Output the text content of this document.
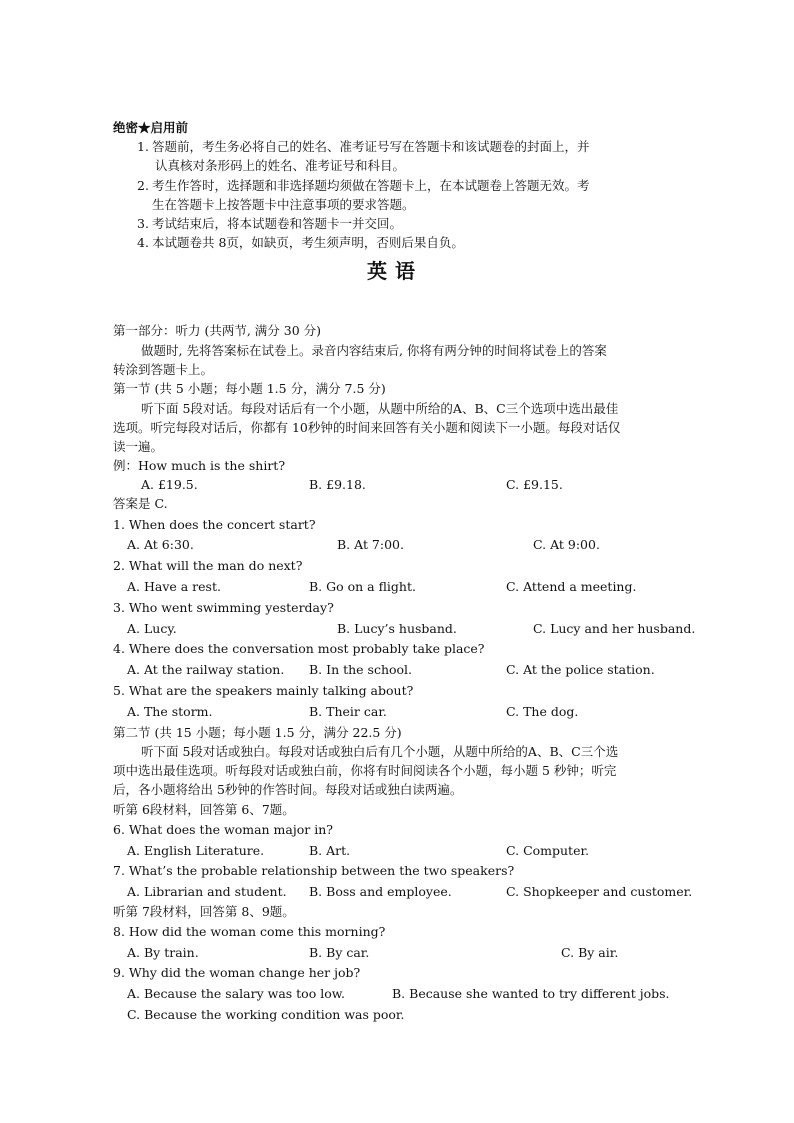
绝密★启用前
1. 答题前，考生务必将自己的姓名、准考证号写在答题卡和该试题卷的封面上，并
认真核对条形码上的姓名、准考证号和科目。
2. 考生作答时，选择题和非选择题均须做在答题卡上，在本试题卷上答题无效。考
生在答题卡上按答题卡中注意事项的要求答题。
3. 考试结束后，将本试题卷和答题卡一并交回。
4. 本试题卷共 8页，如缺页，考生须声明，否则后果自负。
英语
第一部分：听力 (共两节, 满分 30 分)
做题时, 先将答案标在试卷上。录音内容结束后, 你将有两分钟的时间将试卷上的答案
转涂到答题卡上。
第一节 (共 5 小题；每小题 1.5 分，满分 7.5 分)
听下面 5段对话。每段对话后有一个小题，从题中所给的A、B、C三个选项中选出最佳
选项。听完每段对话后，你都有 10秒钟的时间来回答有关小题和阅读下一小题。每段对话仅
读一遍。
例：How much is the shirt?
A. £19.5.	B. £9.18.	C. £9.15.
答案是 C.
1. When does the concert start?
A. At 6:30.	B. At 7:00.	C. At 9:00.
2. What will the man do next?
A. Have a rest.	B. Go on a flight.	C. Attend a meeting.
3. Who went swimming yesterday?
A. Lucy.	B. Lucy’s husband.	C. Lucy and her husband.
4. Where does the conversation most probably take place?
A. At the railway station. B. In the school.	C. At the police station.
5. What are the speakers mainly talking about?
A. The storm.	B. Their car.	C. The dog.
第二节 (共 15 小题；每小题 1.5 分，满分 22.5 分)
听下面 5段对话或独白。每段对话或独白后有几个小题，从题中所给的A、B、C三个选
项中选出最佳选项。听每段对话或独白前，你将有时间阅读各个小题，每小题 5 秒钟；听完
后，各小题将给出 5秒钟的作答时间。每段对话或独白读两遍。
听第 6段材料，回答第 6、7题。
6. What does the woman major in?
A. English Literature.	B. Art.	C. Computer.
7. What’s the probable relationship between the two speakers?
A. Librarian and student. B. Boss and employee.	C. Shopkeeper and customer.
听第 7段材料，回答第 8、9题。
8. How did the woman come this morning?
A. By train.	B. By car.	C. By air.
9. Why did the woman change her job?
A. Because the salary was too low.	B. Because she wanted to try different jobs.
C. Because the working condition was poor.
